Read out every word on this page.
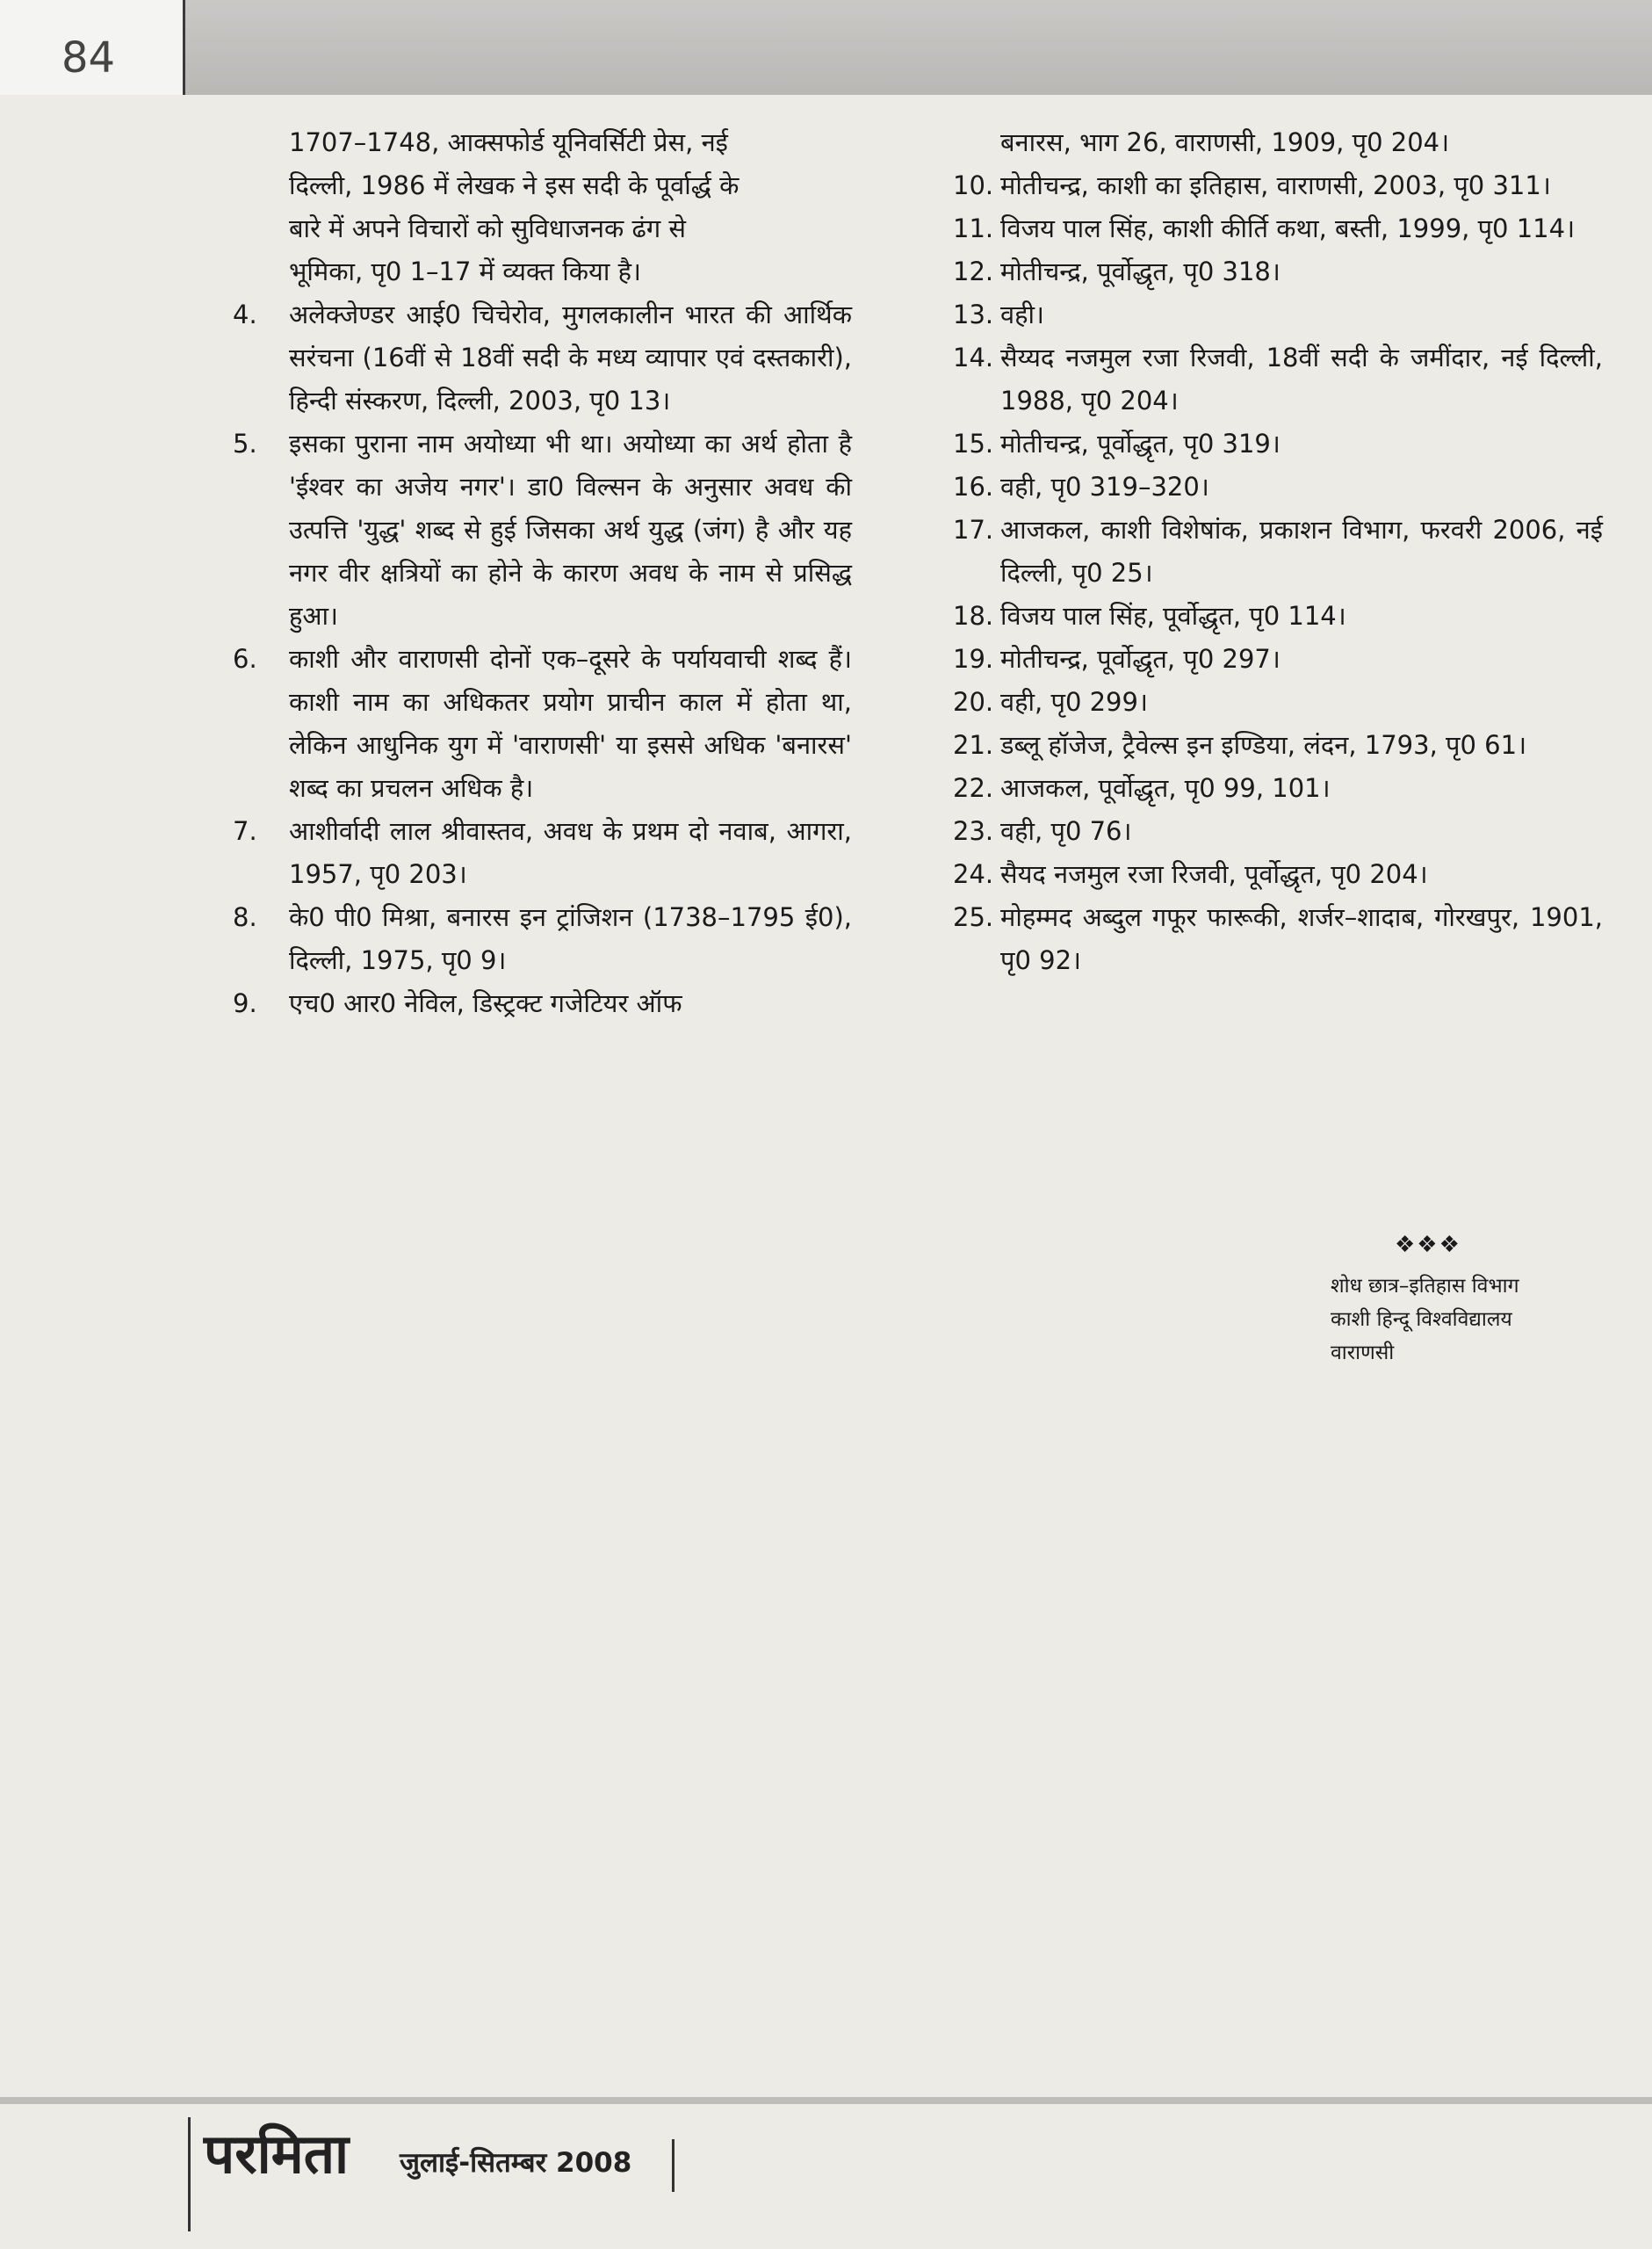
84
1707–1748, आक्सफोर्ड यूनिवर्सिटी प्रेस, नई
दिल्ली, 1986 में लेखक ने इस सदी के पूर्वार्द्ध के
बारे में अपने विचारों को सुविधाजनक ढंग से
भूमिका, पृ0 1–17 में व्यक्त किया है।
4.	अलेक्जेण्डर आई0 चिचेरोव, मुगलकालीन भारत की आर्थिक सरंचना (16वीं से 18वीं सदी के मध्य व्यापार एवं दस्तकारी), हिन्दी संस्करण, दिल्ली, 2003, पृ0 13।
5.	इसका पुराना नाम अयोध्या भी था। अयोध्या का अर्थ होता है 'ईश्वर का अजेय नगर'। डा0 विल्सन के अनुसार अवध की उत्पत्ति 'युद्ध' शब्द से हुई जिसका अर्थ युद्ध (जंग) है और यह नगर वीर क्षत्रियों का होने के कारण अवध के नाम से प्रसिद्ध हुआ।
6.	काशी और वाराणसी दोनों एक–दूसरे के पर्यायवाची शब्द हैं। काशी नाम का अधिकतर प्रयोग प्राचीन काल में होता था, लेकिन आधुनिक युग में 'वाराणसी' या इससे अधिक 'बनारस' शब्द का प्रचलन अधिक है।
7.	आशीर्वादी लाल श्रीवास्तव, अवध के प्रथम दो नवाब, आगरा, 1957, पृ0 203।
8.	के0 पी0 मिश्रा, बनारस इन ट्रांजिशन (1738–1795 ई0), दिल्ली, 1975, पृ0 9।
9.	एच0 आर0 नेविल, डिस्ट्रक्ट गजेटियर ऑफ
बनारस, भाग 26, वाराणसी, 1909, पृ0 204।
10. मोतीचन्द्र, काशी का इतिहास, वाराणसी, 2003, पृ0 311।
11. विजय पाल सिंह, काशी कीर्ति कथा, बस्ती, 1999, पृ0 114।
12. मोतीचन्द्र, पूर्वोद्धृत, पृ0 318।
13. वही।
14. सैय्यद नजमुल रजा रिजवी, 18वीं सदी के जमींदार, नई दिल्ली, 1988, पृ0 204।
15. मोतीचन्द्र, पूर्वोद्धृत, पृ0 319।
16. वही, पृ0 319–320।
17. आजकल, काशी विशेषांक, प्रकाशन विभाग, फरवरी 2006, नई दिल्ली, पृ0 25।
18. विजय पाल सिंह, पूर्वोद्धृत, पृ0 114।
19. मोतीचन्द्र, पूर्वोद्धृत, पृ0 297।
20. वही, पृ0 299।
21. डब्लू हॉजेज, ट्रैवेल्स इन इण्डिया, लंदन, 1793, पृ0 61।
22. आजकल, पूर्वोद्धृत, पृ0 99, 101।
23. वही, पृ0 76।
24. सैयद नजमुल रजा रिजवी, पूर्वोद्धृत, पृ0 204।
25. मोहम्मद अब्दुल गफूर फारूकी, शर्जर–शादाब, गोरखपुर, 1901, पृ0 92।
❖❖❖
शोध छात्र–इतिहास विभाग
काशी हिन्दू विश्वविद्यालय
वाराणसी
परमिता जुलाई-सितम्बर 2008
